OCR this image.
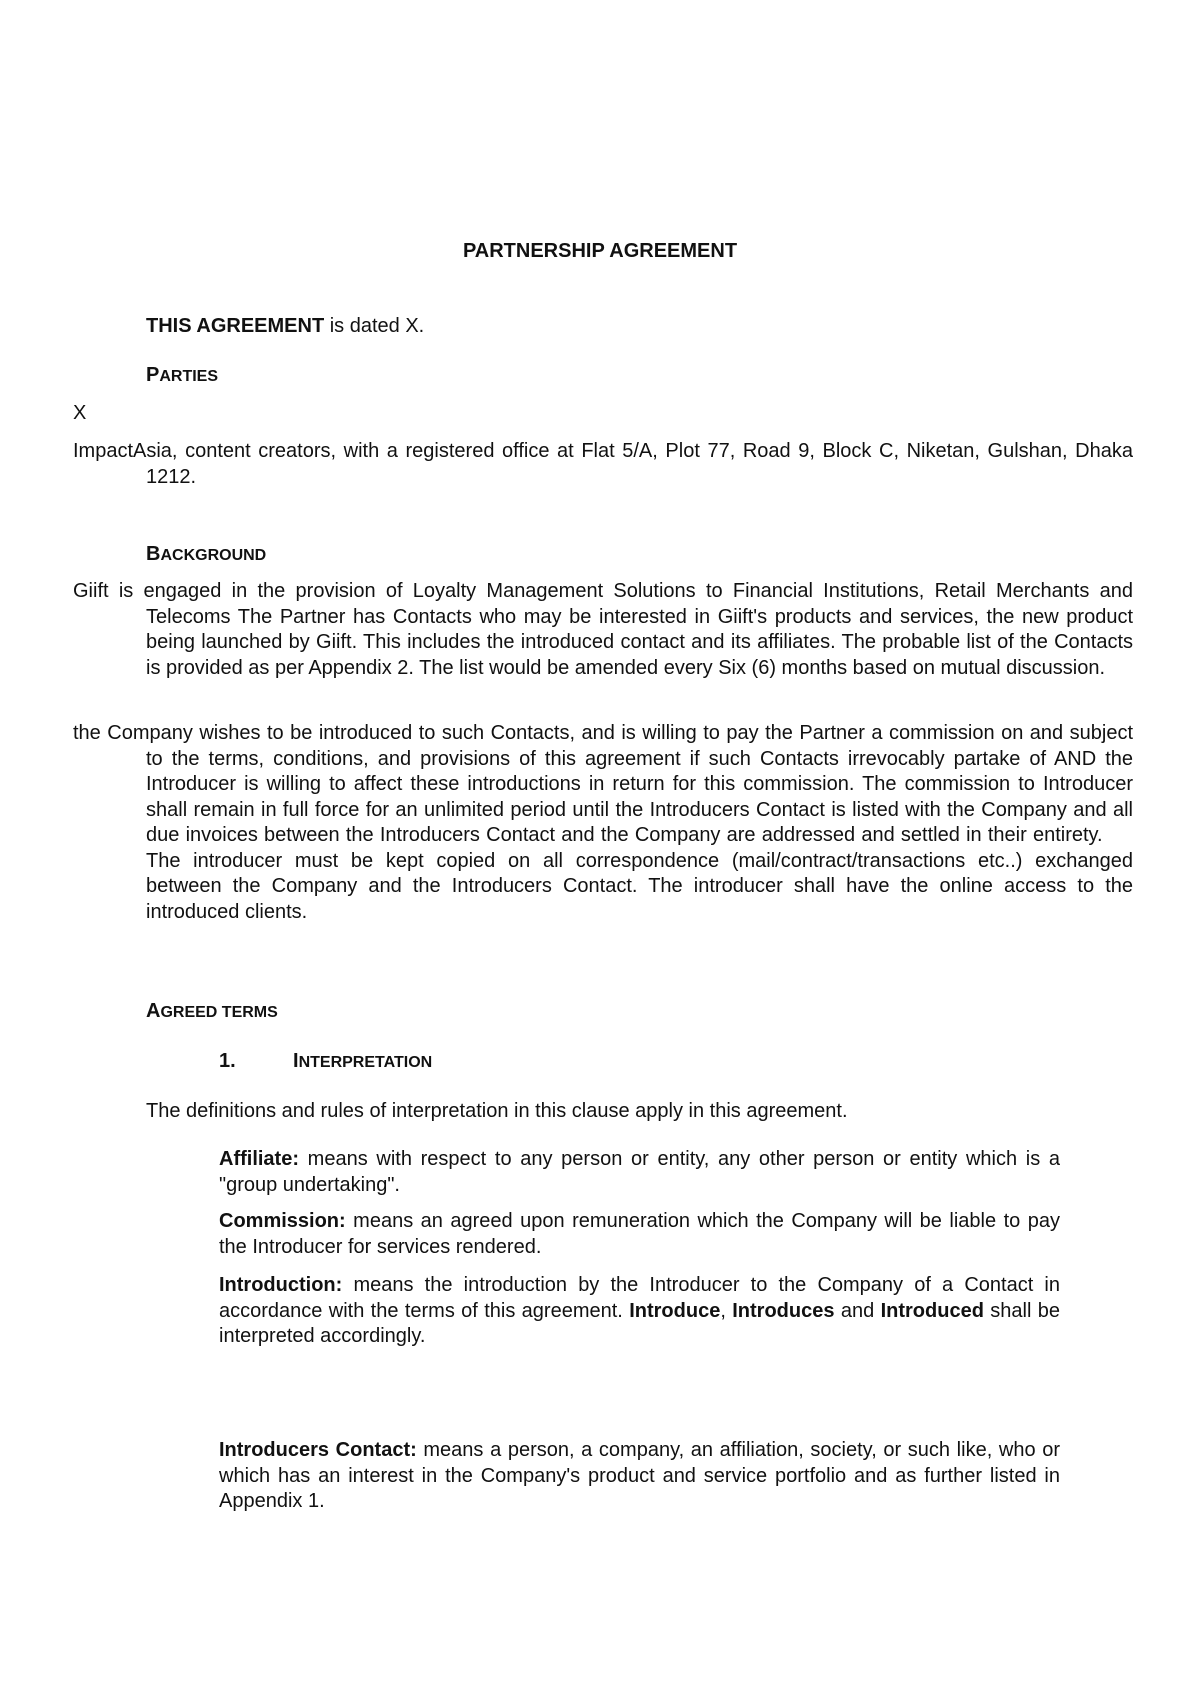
PARTNERSHIP AGREEMENT

THIS AGREEMENT is dated X.

PARTIES

X

ImpactAsia, content creators, with a registered office at Flat 5/A, Plot 77, Road 9, Block C, Niketan, Gulshan, Dhaka 1212.

BACKGROUND

Giift is engaged in the provision of Loyalty Management Solutions to Financial Institutions, Retail Merchants and Telecoms The Partner has Contacts who may be interested in Giift's products and services, the new product being launched by Giift. This includes the introduced contact and its affiliates. The probable list of the Contacts is provided as per Appendix 2. The list would be amended every Six (6) months based on mutual discussion.

the Company wishes to be introduced to such Contacts, and is willing to pay the Partner a commission on and subject to the terms, conditions, and provisions of this agreement if such Contacts irrevocably partake of AND the Introducer is willing to affect these introductions in return for this commission. The commission to Introducer shall remain in full force for an unlimited period until the Introducers Contact is listed with the Company and all due invoices between the Introducers Contact and the Company are addressed and settled in their entirety.      The introducer must be kept copied on all correspondence (mail/contract/transactions etc..) exchanged between the Company and the Introducers Contact. The introducer shall have the online access to the introduced clients.

AGREED TERMS
1.	INTERPRETATION

The definitions and rules of interpretation in this clause apply in this agreement.

Affiliate: means with respect to any person or entity, any other person or entity which is a "group undertaking".

Commission: means an agreed upon remuneration which the Company will be liable to pay the Introducer for services rendered.

Introduction: means the introduction by the Introducer to the Company of a Contact in accordance with the terms of this agreement. Introduce, Introduces and Introduced shall be interpreted accordingly.

Introducers Contact: means a person, a company, an affiliation, society, or such like, who or which has an interest in the Company's product and service portfolio and as further listed in Appendix 1.
